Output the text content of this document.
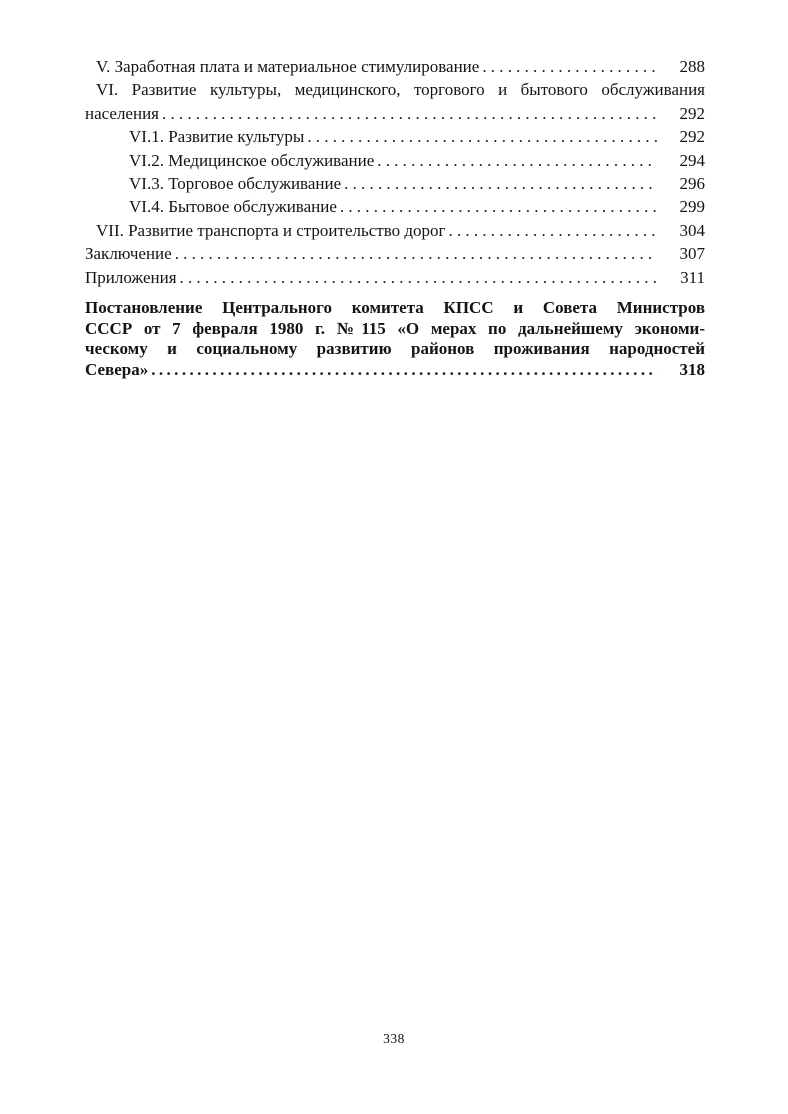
V. Заработная плата и материальное стимулирование .....	288
VI. Развитие культуры, медицинского, торгового и бытового обслуживания
населения .....	292
VI.1. Развитие культуры .....	292
VI.2. Медицинское обслуживание .....	294
VI.3. Торговое обслуживание .....	296
VI.4. Бытовое обслуживание .....	299
VII. Развитие транспорта и строительство дорог .....	304
Заключение .....	307
Приложения .....	311
Постановление Центрального комитета КПСС и Совета Министров
СССР от 7 февраля 1980 г. №115 «О мерах по дальнейшему экономи-
ческому и социальному развитию районов проживания народностей
Севера» .....	318
338
